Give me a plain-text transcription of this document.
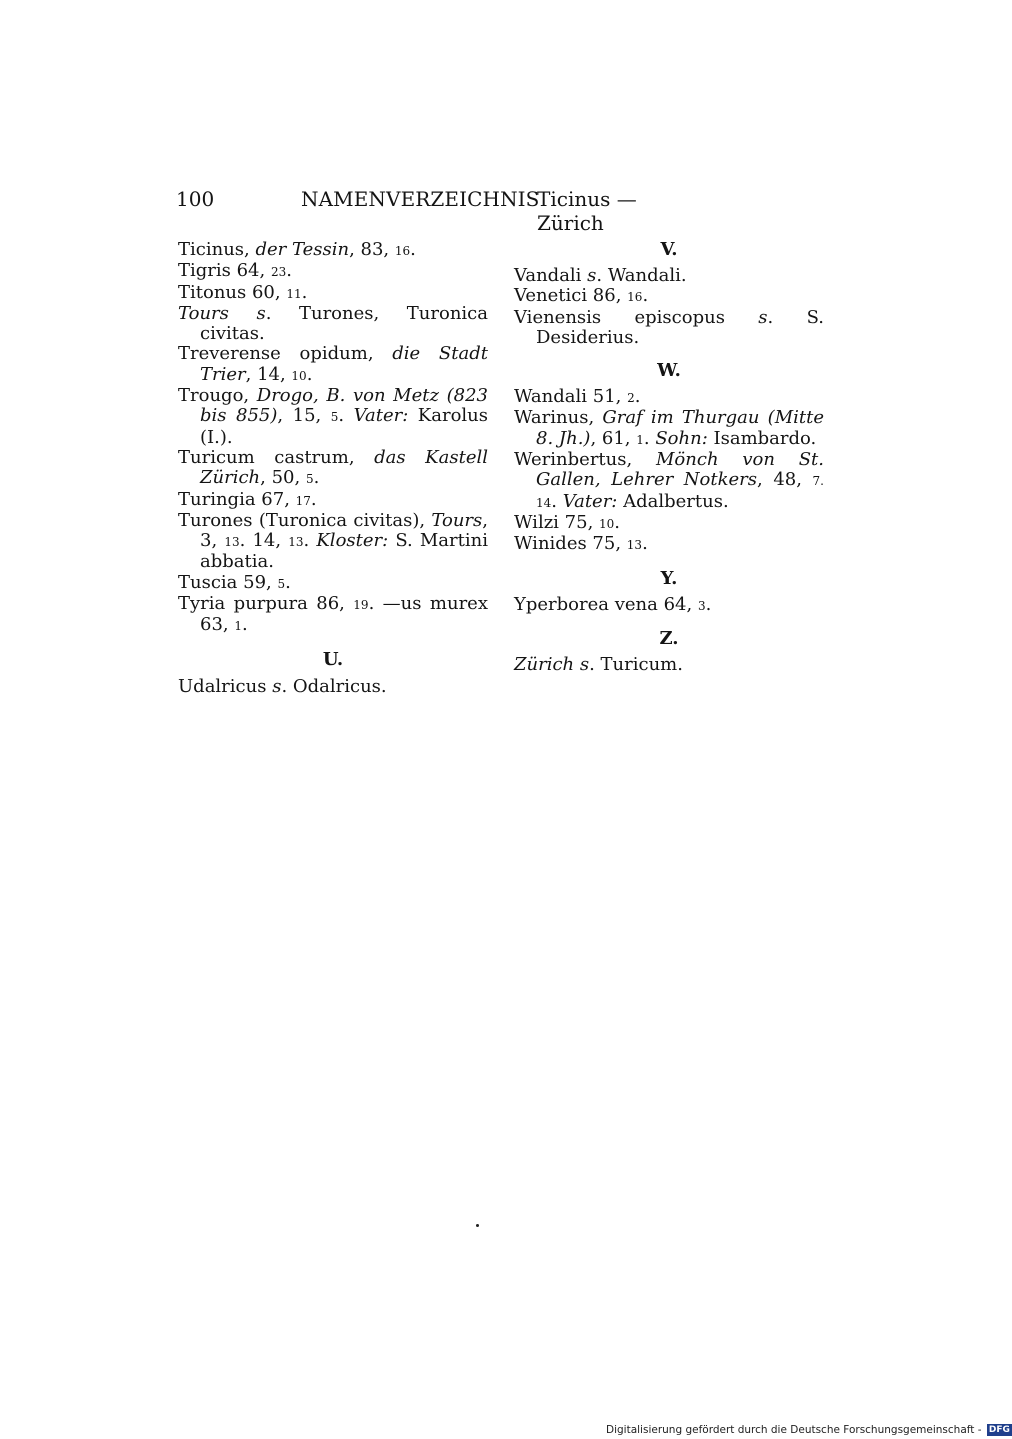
100	NAMENVERZEICHNIS
Ticinus — Zürich

Ticinus, der Tessin, 83, 16.

Tigris 64, 23.

Titonus 60, 11.

Tours s. Turones, Turonica civitas.

Treverense opidum, die Stadt Trier, 14, 10.

Trougo, Drogo, B. von Metz (823 bis 855), 15, 5. Vater: Karolus (I.).

Turicum castrum, das Kastell Zürich, 50, 5.

Turingia 67, 17.

Turones (Turonica civitas), Tours, 3, 13. 14, 13. Kloster: S. Martini abbatia.

Tuscia 59, 5.

Tyria purpura 86, 19. —us murex 63, 1.

U.

Udalricus s. Odalricus.

V.

Vandali s. Wandali.

Venetici 86, 16.

Vienensis episcopus s. S. Desiderius.

W.

Wandali 51, 2.

Warinus, Graf im Thurgau (Mitte 8. Jh.), 61, 1. Sohn: Isambardo.

Werinbertus, Mönch von St. Gallen, Lehrer Notkers, 48, 7. 14. Vater: Adalbertus.

Wilzi 75, 10.

Winides 75, 13.

Y.

Yperborea vena 64, 3.

Z.

Zürich s. Turicum.

Digitalisierung gefördert durch die Deutsche Forschungsgemeinschaft - DFG
